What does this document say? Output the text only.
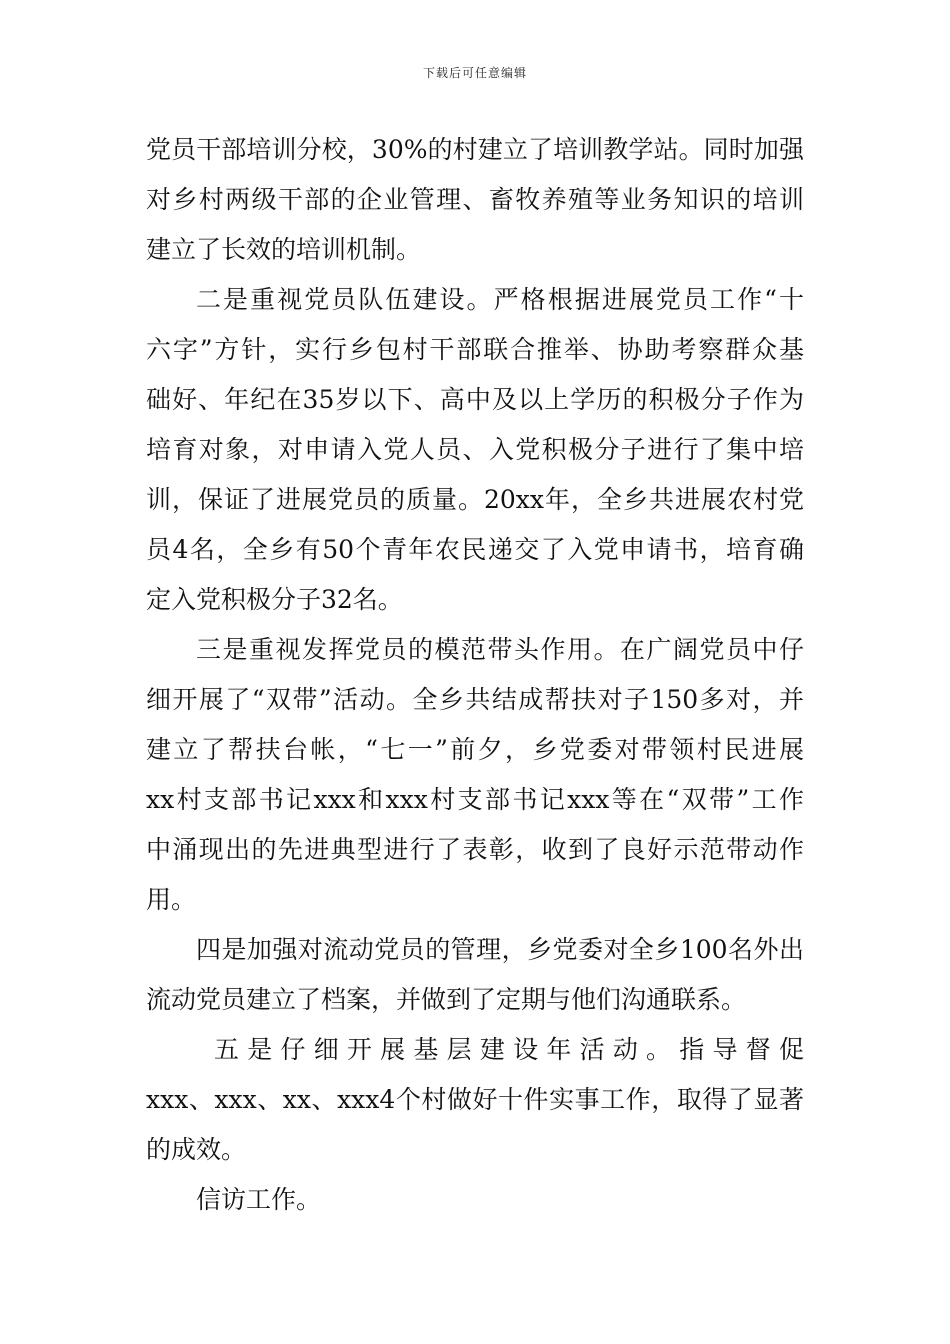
下载后可任意编辑

党员干部培训分校，30%的村建立了培训教学站。同时加强
对乡村两级干部的企业管理、畜牧养殖等业务知识的培训
建立了长效的培训机制。

二是重视党员队伍建设。严格根据进展党员工作“十
六字”方针，实行乡包村干部联合推举、协助考察群众基
础好、年纪在35岁以下、高中及以上学历的积极分子作为
培育对象，对申请入党人员、入党积极分子进行了集中培
训，保证了进展党员的质量。20xx年，全乡共进展农村党
员4名，全乡有50个青年农民递交了入党申请书，培育确
定入党积极分子32名。

三是重视发挥党员的模范带头作用。在广阔党员中仔
细开展了“双带”活动。全乡共结成帮扶对子150多对，并
建立了帮扶台帐，“七一”前夕，乡党委对带领村民进展
xx村支部书记xxx和xxx村支部书记xxx等在“双带”工作
中涌现出的先进典型进行了表彰，收到了良好示范带动作
用。

四是加强对流动党员的管理，乡党委对全乡100名外出
流动党员建立了档案，并做到了定期与他们沟通联系。

五是仔细开展基层建设年活动。指导督促
xxx、xxx、xx、xxx4个村做好十件实事工作，取得了显著
的成效。

信访工作。
